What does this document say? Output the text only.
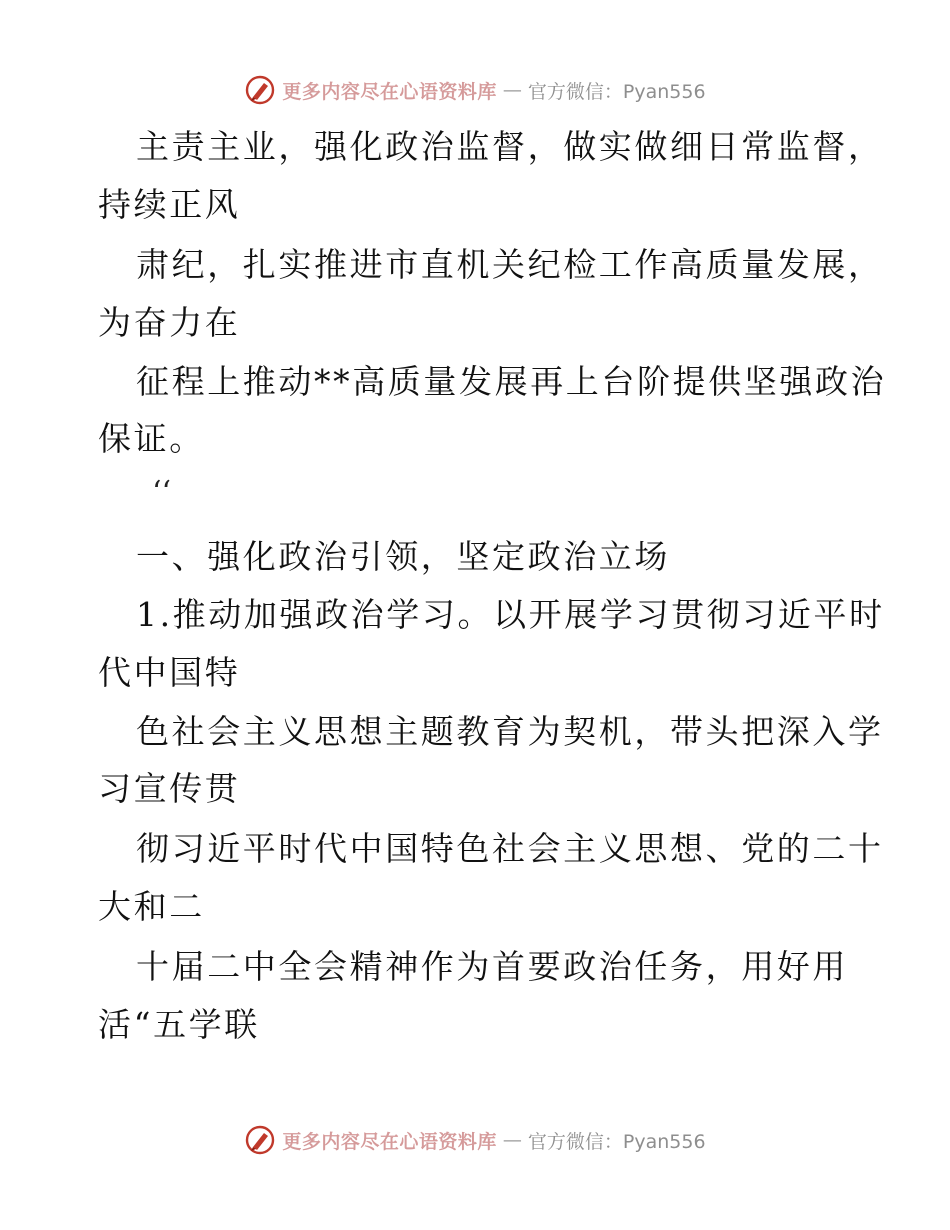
更多内容尽在心语资料库 — 官方微信：Pyan556
主责主业，强化政治监督，做实做细日常监督，
持续正风
肃纪，扎实推进市直机关纪检工作高质量发展，
为奋力在
征程上推动**高质量发展再上台阶提供坚强政治
保证。
‘‘
一、强化政治引领，坚定政治立场
1.推动加强政治学习。以开展学习贯彻习近平时
代中国特
色社会主义思想主题教育为契机，带头把深入学
习宣传贯
彻习近平时代中国特色社会主义思想、党的二十
大和二
十届二中全会精神作为首要政治任务，用好用
活“五学联
更多内容尽在心语资料库 — 官方微信：Pyan556
